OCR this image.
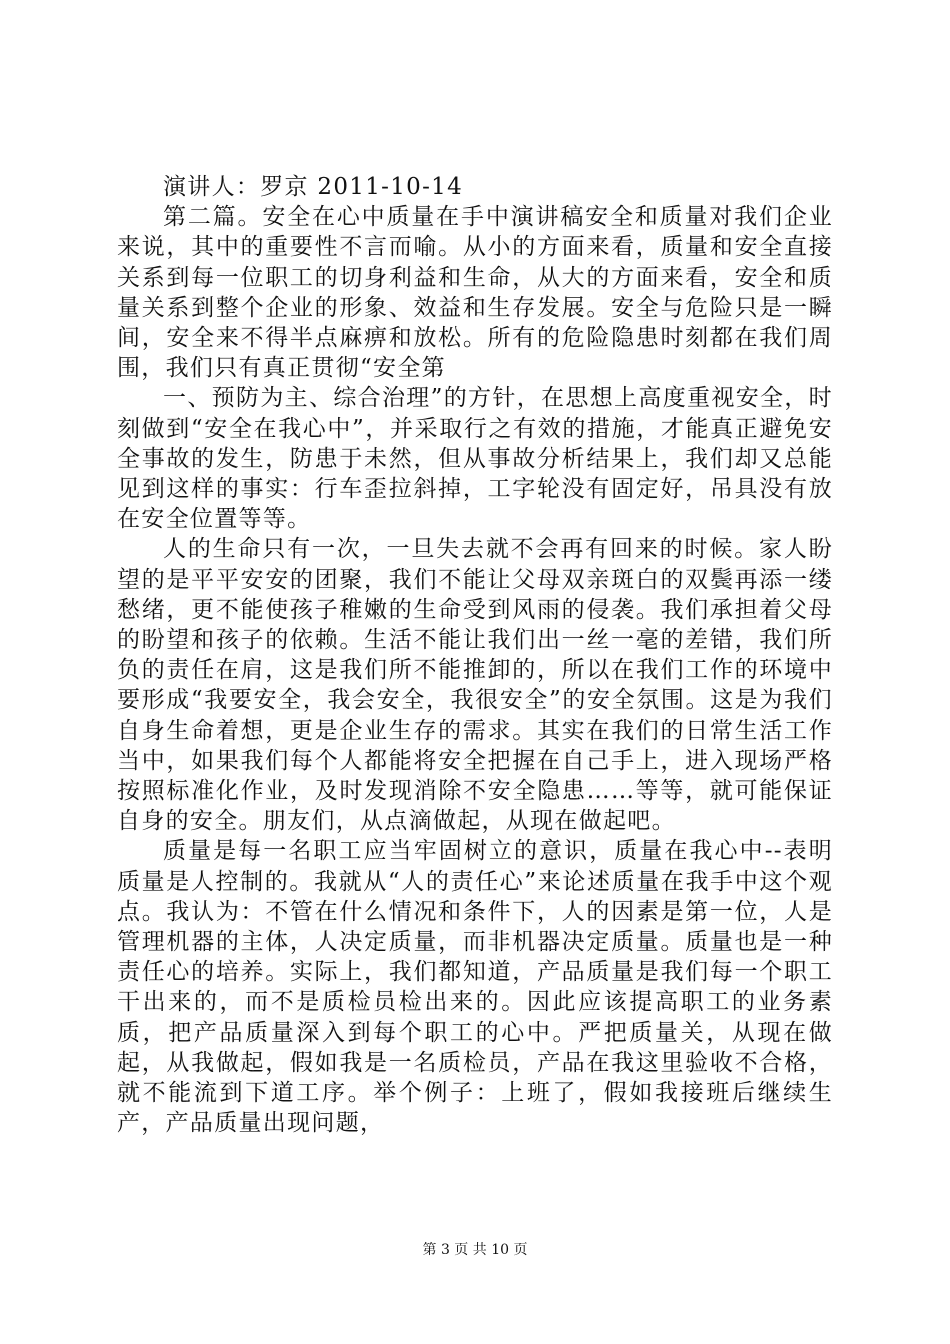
演讲人：罗京 2011-10-14

第二篇。安全在心中质量在手中演讲稿安全和质量对我们企业来说，其中的重要性不言而喻。从小的方面来看，质量和安全直接关系到每一位职工的切身利益和生命，从大的方面来看，安全和质量关系到整个企业的形象、效益和生存发展。安全与危险只是一瞬间，安全来不得半点麻痹和放松。所有的危险隐患时刻都在我们周围，我们只有真正贯彻“安全第

一、预防为主、综合治理”的方针，在思想上高度重视安全，时刻做到“安全在我心中”，并采取行之有效的措施，才能真正避免安全事故的发生，防患于未然，但从事故分析结果上，我们却又总能见到这样的事实：行车歪拉斜掉，工字轮没有固定好，吊具没有放在安全位置等等。

人的生命只有一次，一旦失去就不会再有回来的时候。家人盼望的是平平安安的团聚，我们不能让父母双亲斑白的双鬓再添一缕愁绪，更不能使孩子稚嫩的生命受到风雨的侵袭。我们承担着父母的盼望和孩子的依赖。生活不能让我们出一丝一毫的差错，我们所负的责任在肩，这是我们所不能推卸的，所以在我们工作的环境中要形成“我要安全，我会安全，我很安全”的安全氛围。这是为我们自身生命着想，更是企业生存的需求。其实在我们的日常生活工作当中，如果我们每个人都能将安全把握在自己手上，进入现场严格按照标准化作业，及时发现消除不安全隐患……等等，就可能保证自身的安全。朋友们，从点滴做起，从现在做起吧。

质量是每一名职工应当牢固树立的意识，质量在我心中--表明质量是人控制的。我就从“人的责任心”来论述质量在我手中这个观点。我认为：不管在什么情况和条件下，人的因素是第一位，人是管理机器的主体，人决定质量，而非机器决定质量。质量也是一种责任心的培养。实际上，我们都知道，产品质量是我们每一个职工干出来的，而不是质检员检出来的。因此应该提高职工的业务素质，把产品质量深入到每个职工的心中。严把质量关，从现在做起，从我做起，假如我是一名质检员，产品在我这里验收不合格，就不能流到下道工序。举个例子：上班了，假如我接班后继续生产，产品质量出现问题，

第 3 页 共 10 页
